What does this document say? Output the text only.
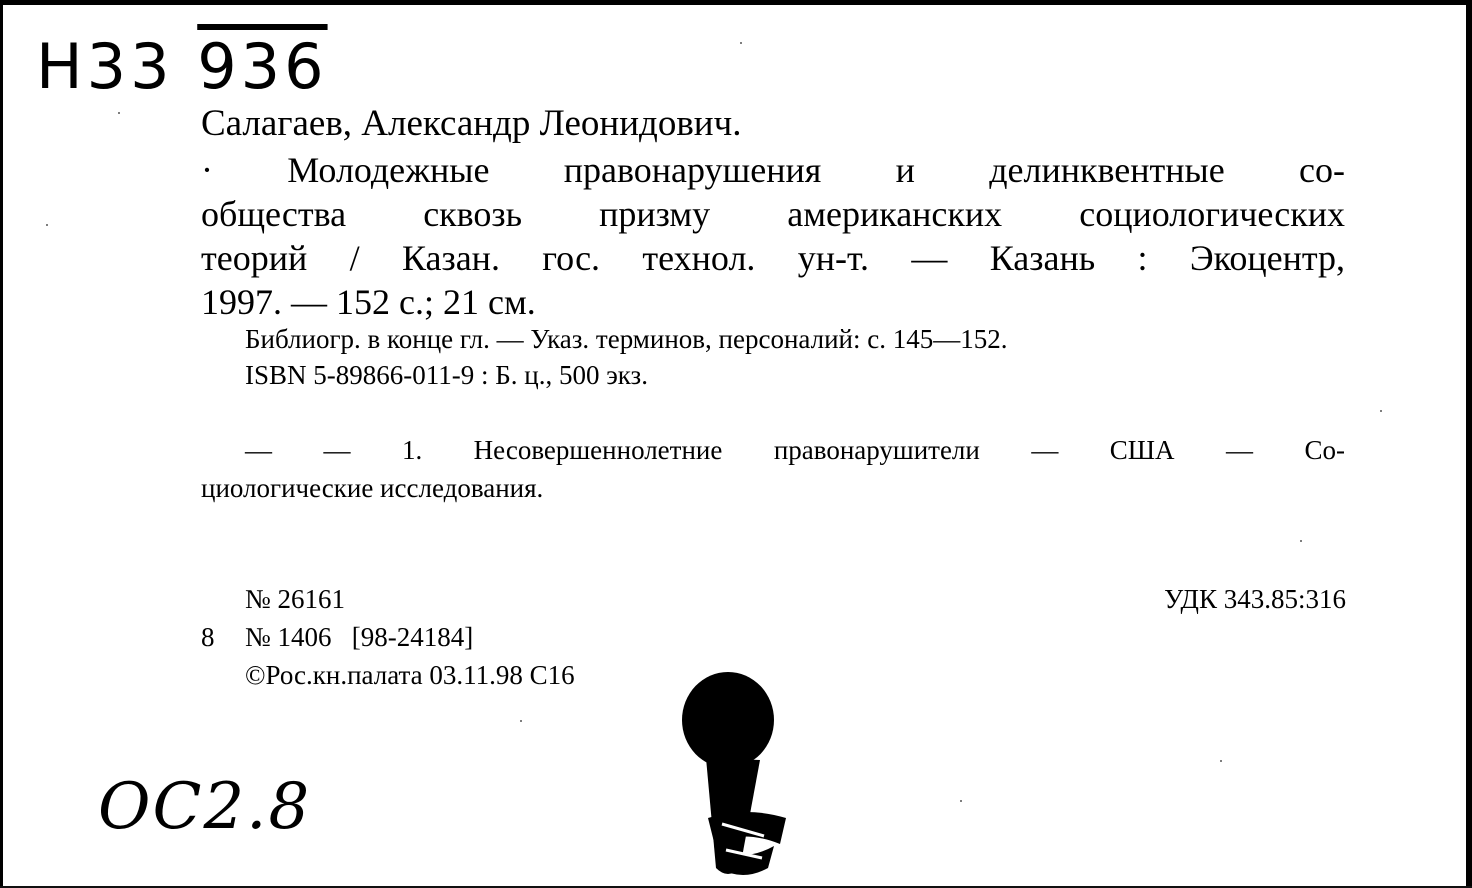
Н33 936
Салагаев, Александр Леонидович.
· Молодежные правонарушения и делинквентные со-
общества сквозь призму американских социологических
теорий / Казан. гос. технол. ун-т. — Казань : Экоцентр,
1997. — 152 с.; 21 см.
Библиогр. в конце гл. — Указ. терминов, персоналий: с. 145—152.
ISBN 5-89866-011-9 : Б. ц., 500 экз.
— — 1. Несовершеннолетние правонарушители — США — Со-
циологические исследования.
№ 26161	УДК 343.85:316
8 № 1406 [98-24184]
©Рос.кн.палата 03.11.98 С16
ОС2.8
